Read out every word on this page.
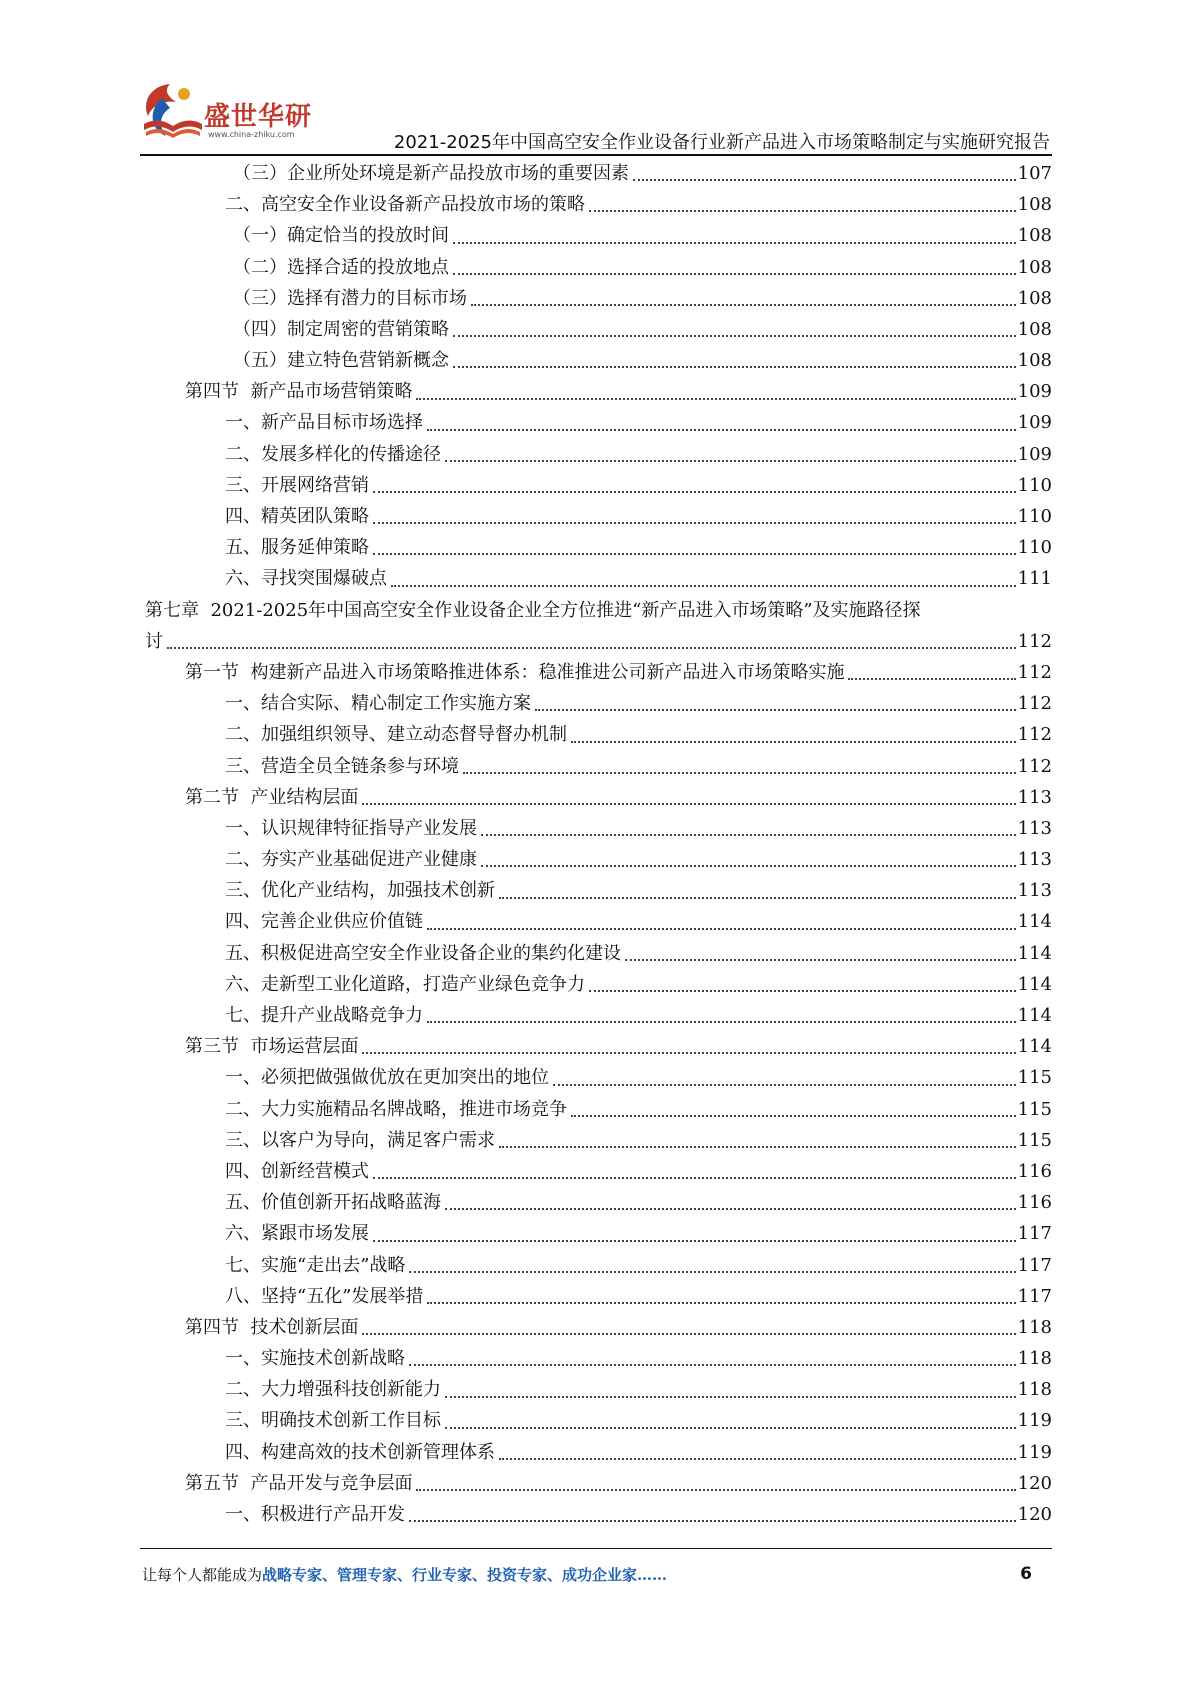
盛世华研
www.china-zhiku.com	2021-2025年中国高空安全作业设备行业新产品进入市场策略制定与实施研究报告
（三）企业所处环境是新产品投放市场的重要因素	107
二、高空安全作业设备新产品投放市场的策略	108
（一）确定恰当的投放时间	108
（二）选择合适的投放地点	108
（三）选择有潜力的目标市场	108
（四）制定周密的营销策略	108
（五）建立特色营销新概念	108
第四节  新产品市场营销策略	109
一、新产品目标市场选择	109
二、发展多样化的传播途径	109
三、开展网络营销	110
四、精英团队策略	110
五、服务延伸策略	110
六、寻找突围爆破点	111
第七章  2021-2025年中国高空安全作业设备企业全方位推进“新产品进入市场策略”及实施路径探
讨	112
第一节  构建新产品进入市场策略推进体系：稳准推进公司新产品进入市场策略实施	112
一、结合实际、精心制定工作实施方案	112
二、加强组织领导、建立动态督导督办机制	112
三、营造全员全链条参与环境	112
第二节  产业结构层面	113
一、认识规律特征指导产业发展	113
二、夯实产业基础促进产业健康	113
三、优化产业结构，加强技术创新	113
四、完善企业供应价值链	114
五、积极促进高空安全作业设备企业的集约化建设	114
六、走新型工业化道路，打造产业绿色竞争力	114
七、提升产业战略竞争力	114
第三节  市场运营层面	114
一、必须把做强做优放在更加突出的地位	115
二、大力实施精品名牌战略，推进市场竞争	115
三、以客户为导向，满足客户需求	115
四、创新经营模式	116
五、价值创新开拓战略蓝海	116
六、紧跟市场发展	117
七、实施“走出去”战略	117
八、坚持“五化”发展举措	117
第四节  技术创新层面	118
一、实施技术创新战略	118
二、大力增强科技创新能力	118
三、明确技术创新工作目标	119
四、构建高效的技术创新管理体系	119
第五节  产品开发与竞争层面	120
一、积极进行产品开发	120
让每个人都能成为战略专家、管理专家、行业专家、投资专家、成功企业家……	6
